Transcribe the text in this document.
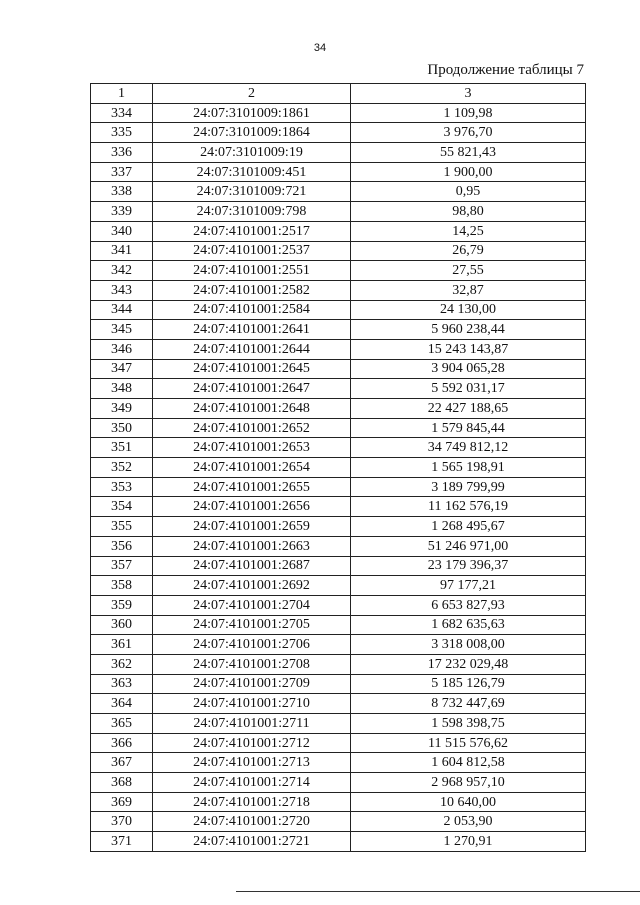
34
Продолжение таблицы 7
1	2	3
334	24:07:3101009:1861	1 109,98
335	24:07:3101009:1864	3 976,70
336	24:07:3101009:19	55 821,43
337	24:07:3101009:451	1 900,00
338	24:07:3101009:721	0,95
339	24:07:3101009:798	98,80
340	24:07:4101001:2517	14,25
341	24:07:4101001:2537	26,79
342	24:07:4101001:2551	27,55
343	24:07:4101001:2582	32,87
344	24:07:4101001:2584	24 130,00
345	24:07:4101001:2641	5 960 238,44
346	24:07:4101001:2644	15 243 143,87
347	24:07:4101001:2645	3 904 065,28
348	24:07:4101001:2647	5 592 031,17
349	24:07:4101001:2648	22 427 188,65
350	24:07:4101001:2652	1 579 845,44
351	24:07:4101001:2653	34 749 812,12
352	24:07:4101001:2654	1 565 198,91
353	24:07:4101001:2655	3 189 799,99
354	24:07:4101001:2656	11 162 576,19
355	24:07:4101001:2659	1 268 495,67
356	24:07:4101001:2663	51 246 971,00
357	24:07:4101001:2687	23 179 396,37
358	24:07:4101001:2692	97 177,21
359	24:07:4101001:2704	6 653 827,93
360	24:07:4101001:2705	1 682 635,63
361	24:07:4101001:2706	3 318 008,00
362	24:07:4101001:2708	17 232 029,48
363	24:07:4101001:2709	5 185 126,79
364	24:07:4101001:2710	8 732 447,69
365	24:07:4101001:2711	1 598 398,75
366	24:07:4101001:2712	11 515 576,62
367	24:07:4101001:2713	1 604 812,58
368	24:07:4101001:2714	2 968 957,10
369	24:07:4101001:2718	10 640,00
370	24:07:4101001:2720	2 053,90
371	24:07:4101001:2721	1 270,91
